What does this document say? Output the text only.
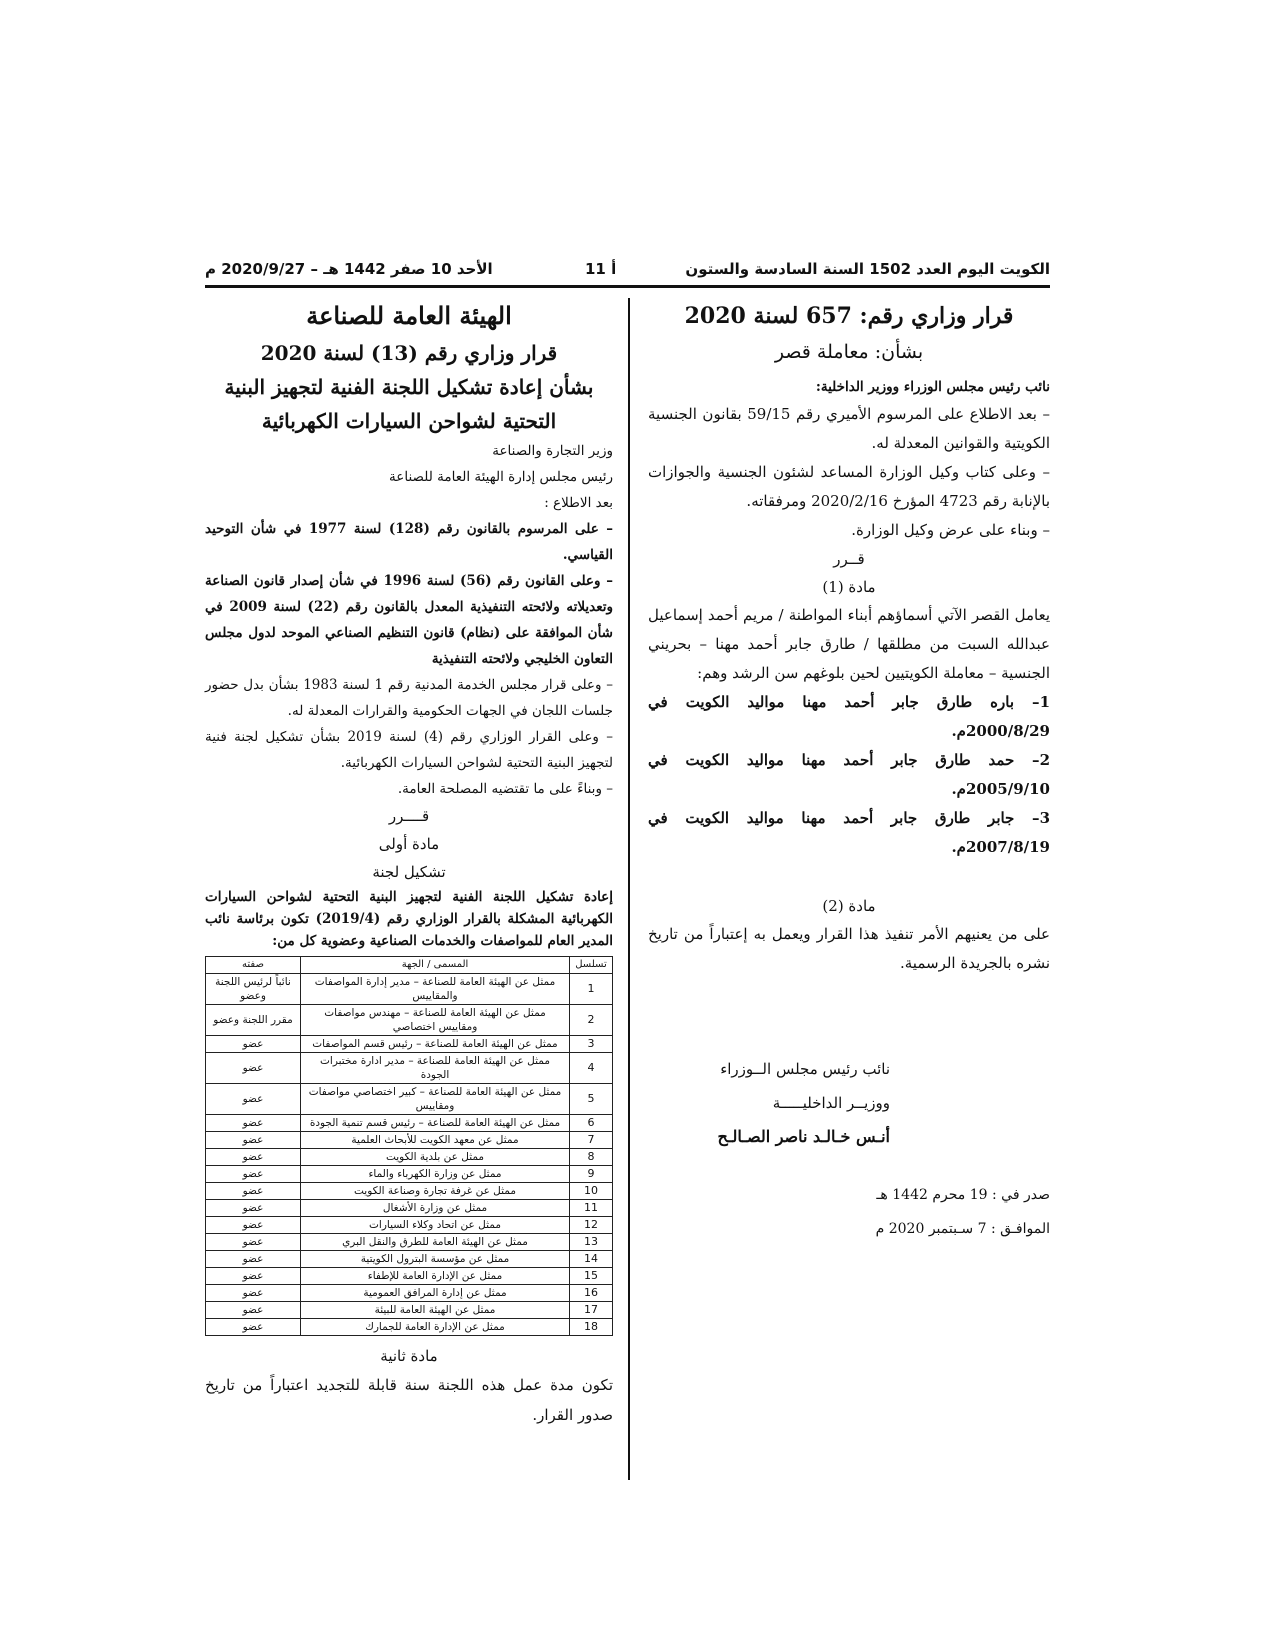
الكويت اليوم العدد 1502 السنة السادسة والستون
أ 11
الأحد 10 صفر 1442 هـ – 2020/9/27 م
قرار وزاري رقم: 657 لسنة 2020
بشأن: معاملة قصر

نائب رئيس مجلس الوزراء ووزير الداخلية:

– بعد الاطلاع على المرسوم الأميري رقم 59/15 بقانون الجنسية الكويتية والقوانين المعدلة له.

– وعلى كتاب وكيل الوزارة المساعد لشئون الجنسية والجوازات بالإنابة رقم 4723 المؤرخ 2020/2/16 ومرفقاته.

– وبناء على عرض وكيل الوزارة.

قــرر
مادة (1)

يعامل القصر الآتي أسماؤهم أبناء المواطنة / مريم أحمد إسماعيل عبدالله السبت من مطلقها / طارق جابر أحمد مهنا – بحريني الجنسية – معاملة الكويتيين لحين بلوغهم سن الرشد وهم:

1– باره طارق جابر أحمد مهنا مواليد الكويت في 2000/8/29م.

2– حمد طارق جابر أحمد مهنا مواليد الكويت في 2005/9/10م.

3– جابر طارق جابر أحمد مهنا مواليد الكويت في 2007/8/19م.

مادة (2)

على من يعنيهم الأمر تنفيذ هذا القرار ويعمل به إعتباراً من تاريخ نشره بالجريدة الرسمية.

نائب رئيس مجلس الــوزراء
ووزيــر الداخليـــــة
أنـس خـالـد ناصر الصـالـح
صدر في : 19 محرم 1442 هـ
الموافـق : 7 سـبتمبر 2020 م
الهيئة العامة للصناعة
قرار وزاري رقم (13) لسنة 2020
بشأن إعادة تشكيل اللجنة الفنية لتجهيز البنية
التحتية لشواحن السيارات الكهربائية

وزير التجارة والصناعة

رئيس مجلس إدارة الهيئة العامة للصناعة

بعد الاطلاع :

– على المرسوم بالقانون رقم (128) لسنة 1977 في شأن التوحيد القياسي.

– وعلى القانون رقم (56) لسنة 1996 في شأن إصدار قانون الصناعة وتعديلاته ولائحته التنفيذية المعدل بالقانون رقم (22) لسنة 2009 في شأن الموافقة على (نظام) قانون التنظيم الصناعي الموحد لدول مجلس التعاون الخليجي ولائحته التنفيذية

– وعلى قرار مجلس الخدمة المدنية رقم 1 لسنة 1983 بشأن بدل حضور جلسات اللجان في الجهات الحكومية والقرارات المعدلة له.

– وعلى القرار الوزاري رقم (4) لسنة 2019 بشأن تشكيل لجنة فنية لتجهيز البنية التحتية لشواحن السيارات الكهربائية.

– وبناءً على ما تقتضيه المصلحة العامة.

قــــرر
مادة أولى
تشكيل لجنة

إعادة تشكيل اللجنة الفنية لتجهيز البنية التحتية لشواحن السيارات الكهربائية المشكلة بالقرار الوزاري رقم (2019/4) تكون برئاسة نائب المدير العام للمواصفات والخدمات الصناعية وعضوية كل من:

تسلسل	المسمى / الجهة	صفته
1	ممثل عن الهيئة العامة للصناعة – مدير إدارة المواصفات والمقاييس	نائباً لرئيس اللجنة وعضو
2	ممثل عن الهيئة العامة للصناعة – مهندس مواصفات ومقاييس اختصاصي	مقرر اللجنة وعضو
3	ممثل عن الهيئة العامة للصناعة – رئيس قسم المواصفات	عضو
4	ممثل عن الهيئة العامة للصناعة – مدير ادارة مختبرات الجودة	عضو
5	ممثل عن الهيئة العامة للصناعة – كبير اختصاصي مواصفات ومقاييس	عضو
6	ممثل عن الهيئة العامة للصناعة – رئيس قسم تنمية الجودة	عضو
7	ممثل عن معهد الكويت للأبحاث العلمية	عضو
8	ممثل عن بلدية الكويت	عضو
9	ممثل عن وزارة الكهرباء والماء	عضو
10	ممثل عن غرفة تجارة وصناعة الكويت	عضو
11	ممثل عن وزارة الأشغال	عضو
12	ممثل عن اتحاد وكلاء السيارات	عضو
13	ممثل عن الهيئة العامة للطرق والنقل البري	عضو
14	ممثل عن مؤسسة البترول الكويتية	عضو
15	ممثل عن الإدارة العامة للإطفاء	عضو
16	ممثل عن إدارة المرافق العمومية	عضو
17	ممثل عن الهيئة العامة للبيئة	عضو
18	ممثل عن الإدارة العامة للجمارك	عضو
مادة ثانية

تكون مدة عمل هذه اللجنة سنة قابلة للتجديد اعتباراً من تاريخ صدور القرار.
